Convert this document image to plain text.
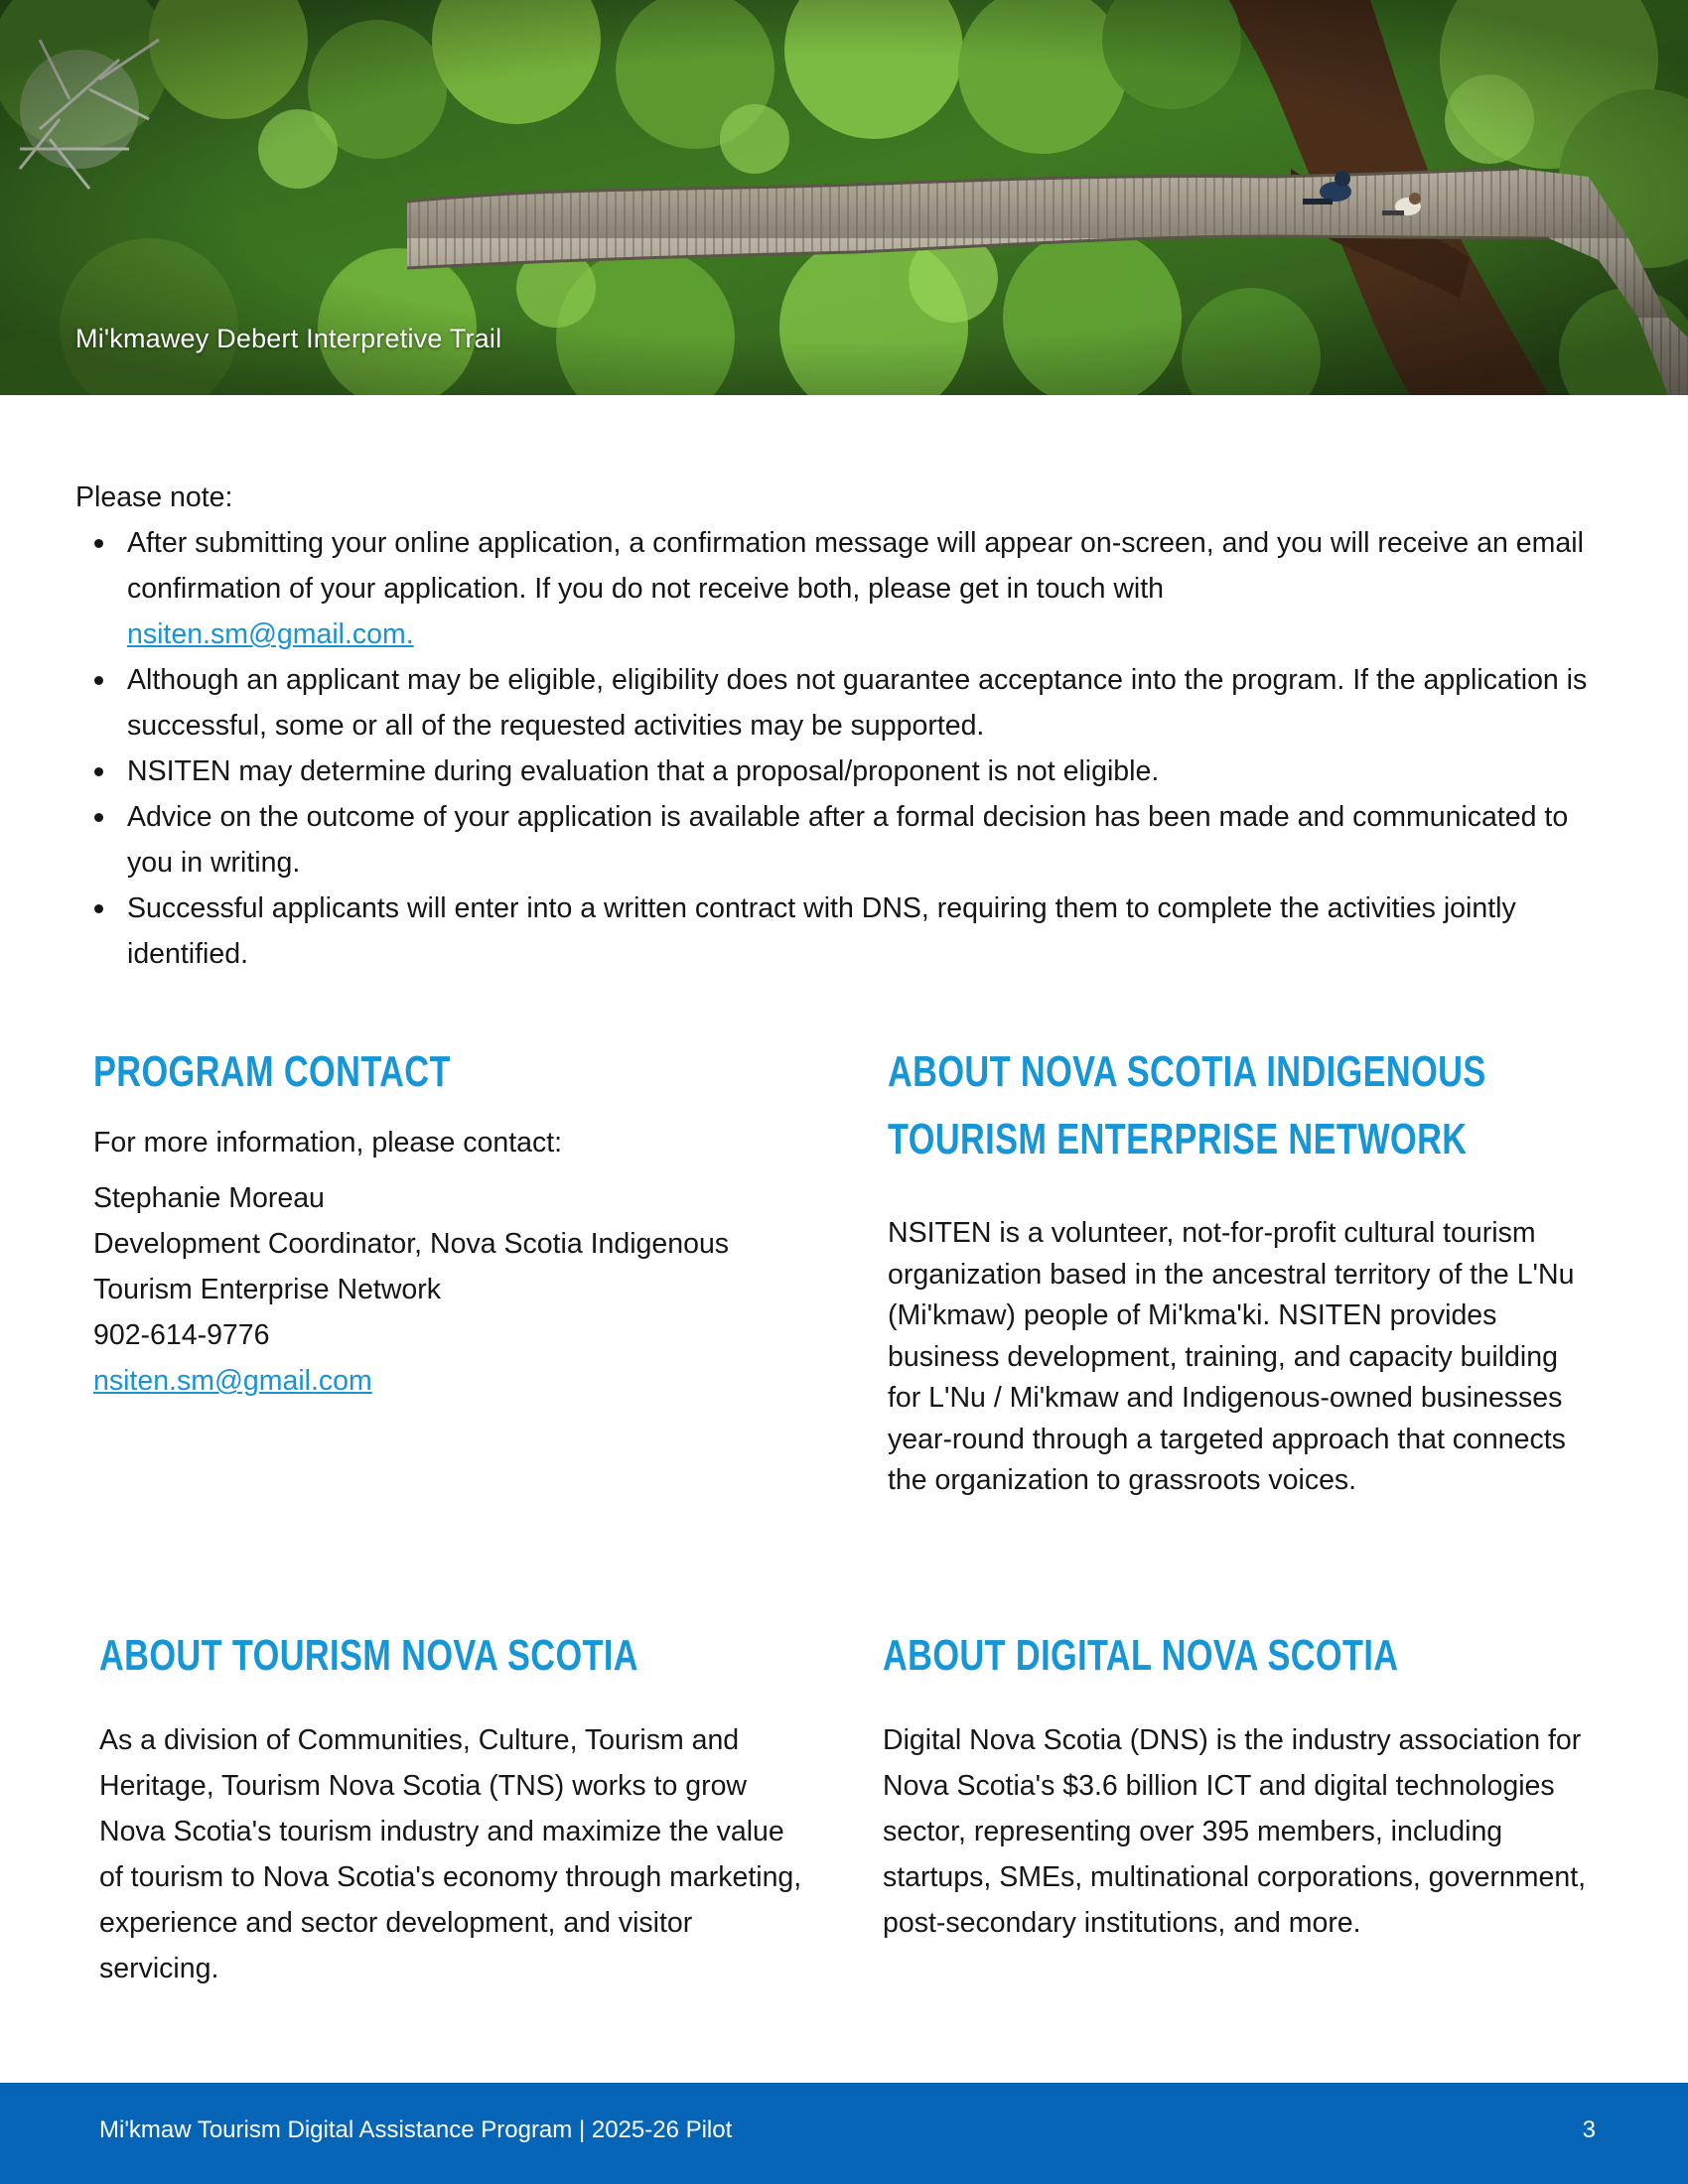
Mi'kmawey Debert Interpretive Trail

Please note:

After submitting your online application, a confirmation message will appear on-screen, and you will receive an email confirmation of your application. If you do not receive both, please get in touch with
nsiten.sm@gmail.com.
Although an applicant may be eligible, eligibility does not guarantee acceptance into the program. If the application is successful, some or all of the requested activities may be supported.
NSITEN may determine during evaluation that a proposal/proponent is not eligible.
Advice on the outcome of your application is available after a formal decision has been made and communicated to you in writing.
Successful applicants will enter into a written contract with DNS, requiring them to complete the activities jointly identified.
PROGRAM CONTACT

For more information, please contact:

Stephanie Moreau
Development Coordinator, Nova Scotia Indigenous
Tourism Enterprise Network
902-614-9776
nsiten.sm@gmail.com
ABOUT NOVA SCOTIA INDIGENOUS
TOURISM ENTERPRISE NETWORK

NSITEN is a volunteer, not-for-profit cultural tourism organization based in the ancestral territory of the L'Nu (Mi'kmaw) people of Mi'kma'ki. NSITEN provides business development, training, and capacity building for L'Nu / Mi'kmaw and Indigenous-owned businesses year-round through a targeted approach that connects the organization to grassroots voices.

ABOUT TOURISM NOVA SCOTIA

As a division of Communities, Culture, Tourism and Heritage, Tourism Nova Scotia (TNS) works to grow Nova Scotia's tourism industry and maximize the value of tourism to Nova Scotia's economy through marketing, experience and sector development, and visitor servicing.

ABOUT DIGITAL NOVA SCOTIA

Digital Nova Scotia (DNS) is the industry association for Nova Scotia's $3.6 billion ICT and digital technologies sector, representing over 395 members, including startups, SMEs, multinational corporations, government, post-secondary institutions, and more.

Mi'kmaw Tourism Digital Assistance Program | 2025-26 Pilot	3
